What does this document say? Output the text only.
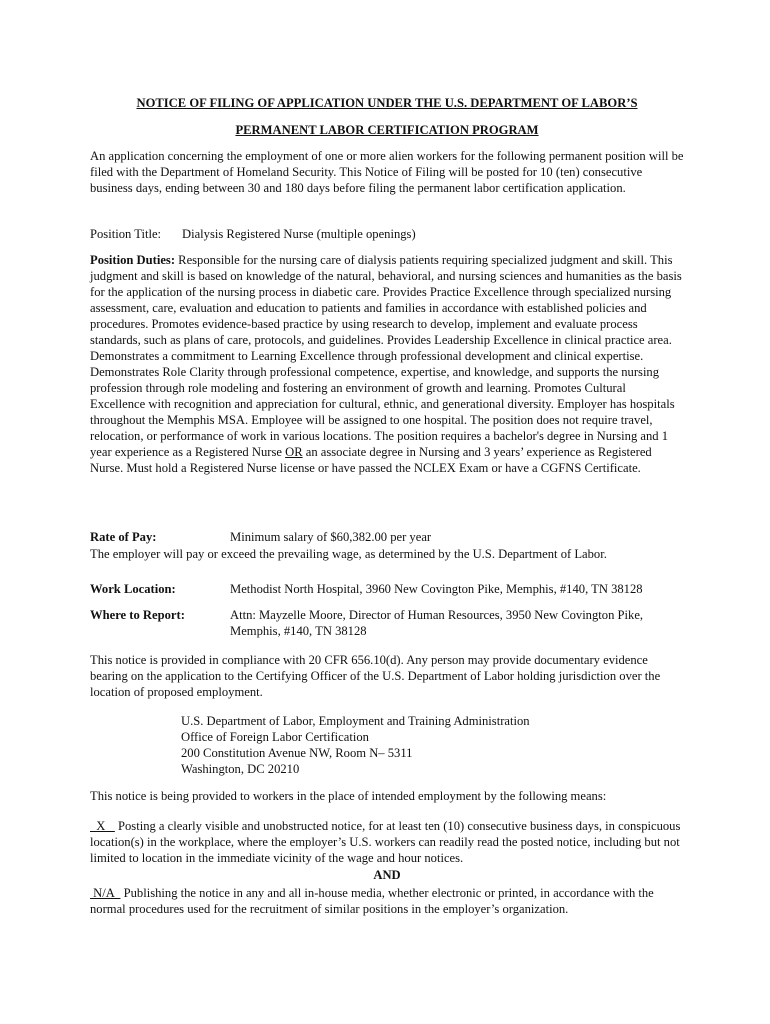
NOTICE OF FILING OF APPLICATION UNDER THE U.S. DEPARTMENT OF LABOR’S
PERMANENT LABOR CERTIFICATION PROGRAM

An application concerning the employment of one or more alien workers for the following permanent position will be filed with the Department of Homeland Security. This Notice of Filing will be posted for 10 (ten) consecutive business days, ending between 30 and 180 days before filing the permanent labor certification application.

Position Title: Dialysis Registered Nurse (multiple openings)

Position Duties: Responsible for the nursing care of dialysis patients requiring specialized judgment and skill. This judgment and skill is based on knowledge of the natural, behavioral, and nursing sciences and humanities as the basis for the application of the nursing process in diabetic care. Provides Practice Excellence through specialized nursing assessment, care, evaluation and education to patients and families in accordance with established policies and procedures. Promotes evidence-based practice by using research to develop, implement and evaluate process standards, such as plans of care, protocols, and guidelines. Provides Leadership Excellence in clinical practice area. Demonstrates a commitment to Learning Excellence through professional development and clinical expertise. Demonstrates Role Clarity through professional competence, expertise, and knowledge, and supports the nursing profession through role modeling and fostering an environment of growth and learning. Promotes Cultural Excellence with recognition and appreciation for cultural, ethnic, and generational diversity. Employer has hospitals throughout the Memphis MSA. Employee will be assigned to one hospital. The position does not require travel, relocation, or performance of work in various locations. The position requires a bachelor's degree in Nursing and 1 year experience as a Registered Nurse OR an associate degree in Nursing and 3 years’ experience as Registered Nurse. Must hold a Registered Nurse license or have passed the NCLEX Exam or have a CGFNS Certificate.

Rate of Pay:	Minimum salary of $60,382.00 per year

The employer will pay or exceed the prevailing wage, as determined by the U.S. Department of Labor.

Work Location:	Methodist North Hospital, 3960 New Covington Pike, Memphis, #140, TN 38128
Where to Report:	Attn: Mayzelle Moore, Director of Human Resources, 3950 New Covington Pike, Memphis, #140, TN 38128

This notice is provided in compliance with 20 CFR 656.10(d). Any person may provide documentary evidence bearing on the application to the Certifying Officer of the U.S. Department of Labor holding jurisdiction over the location of proposed employment.

U.S. Department of Labor, Employment and Training Administration
Office of Foreign Labor Certification
200 Constitution Avenue NW, Room N– 5311
Washington, DC 20210

This notice is being provided to workers in the place of intended employment by the following means:

X    Posting a clearly visible and unobstructed notice, for at least ten (10) consecutive business days, in conspicuous location(s) in the workplace, where the employer’s U.S. workers can readily read the posted notice, including but not limited to location in the immediate vicinity of the wage and hour notices.

AND

N/A   Publishing the notice in any and all in-house media, whether electronic or printed, in accordance with the normal procedures used for the recruitment of similar positions in the employer’s organization.
